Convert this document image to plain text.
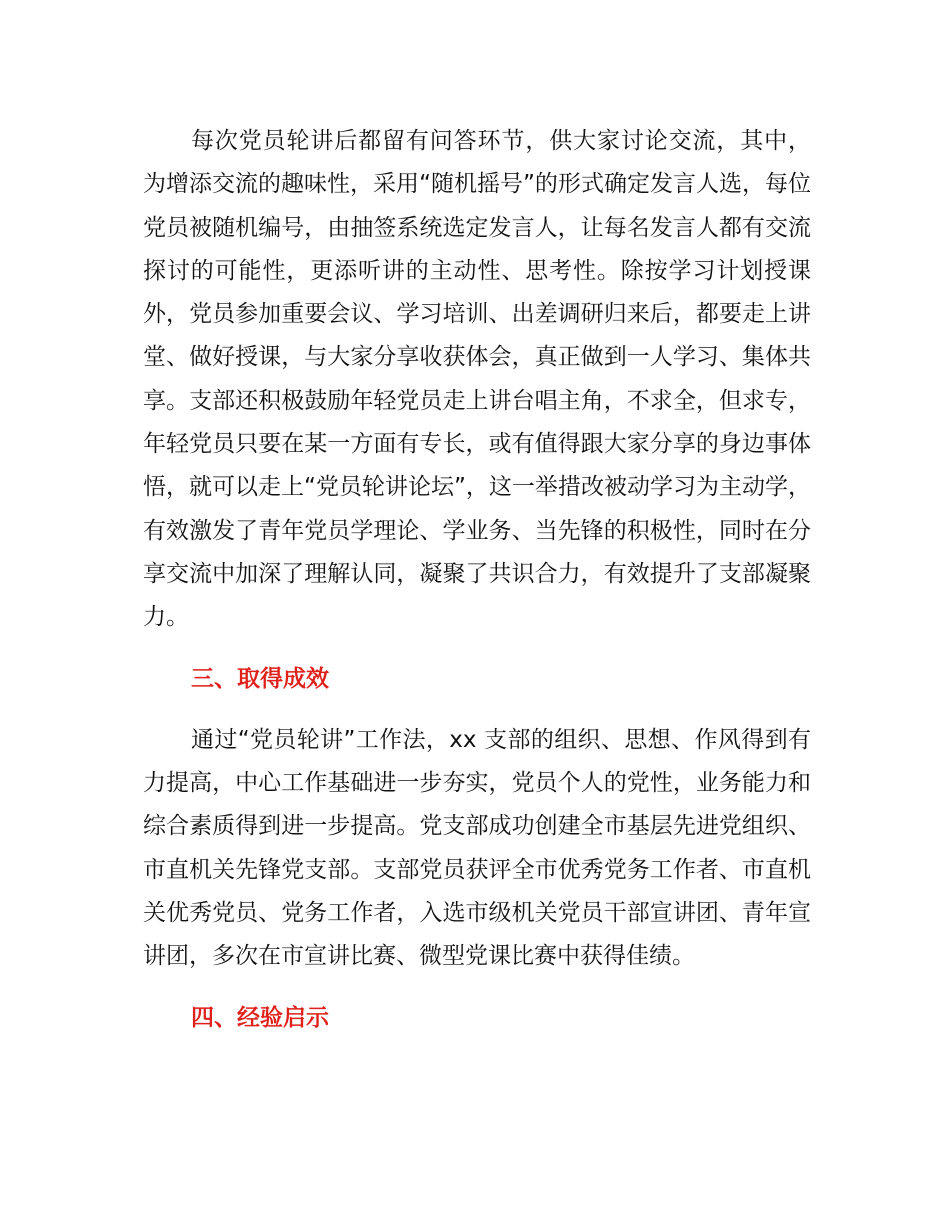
每次党员轮讲后都留有问答环节，供大家讨论交流，其中，为增添交流的趣味性，采用“随机摇号”的形式确定发言人选，每位党员被随机编号，由抽签系统选定发言人，让每名发言人都有交流探讨的可能性，更添听讲的主动性、思考性。除按学习计划授课外，党员参加重要会议、学习培训、出差调研归来后，都要走上讲堂、做好授课，与大家分享收获体会，真正做到一人学习、集体共享。支部还积极鼓励年轻党员走上讲台唱主角，不求全，但求专，年轻党员只要在某一方面有专长，或有值得跟大家分享的身边事体悟，就可以走上“党员轮讲论坛”，这一举措改被动学习为主动学，有效激发了青年党员学理论、学业务、当先锋的积极性，同时在分享交流中加深了理解认同，凝聚了共识合力，有效提升了支部凝聚力。

三、取得成效

通过“党员轮讲”工作法，xx 支部的组织、思想、作风得到有力提高，中心工作基础进一步夯实，党员个人的党性，业务能力和综合素质得到进一步提高。党支部成功创建全市基层先进党组织、市直机关先锋党支部。支部党员获评全市优秀党务工作者、市直机关优秀党员、党务工作者，入选市级机关党员干部宣讲团、青年宣讲团，多次在市宣讲比赛、微型党课比赛中获得佳绩。

四、经验启示
